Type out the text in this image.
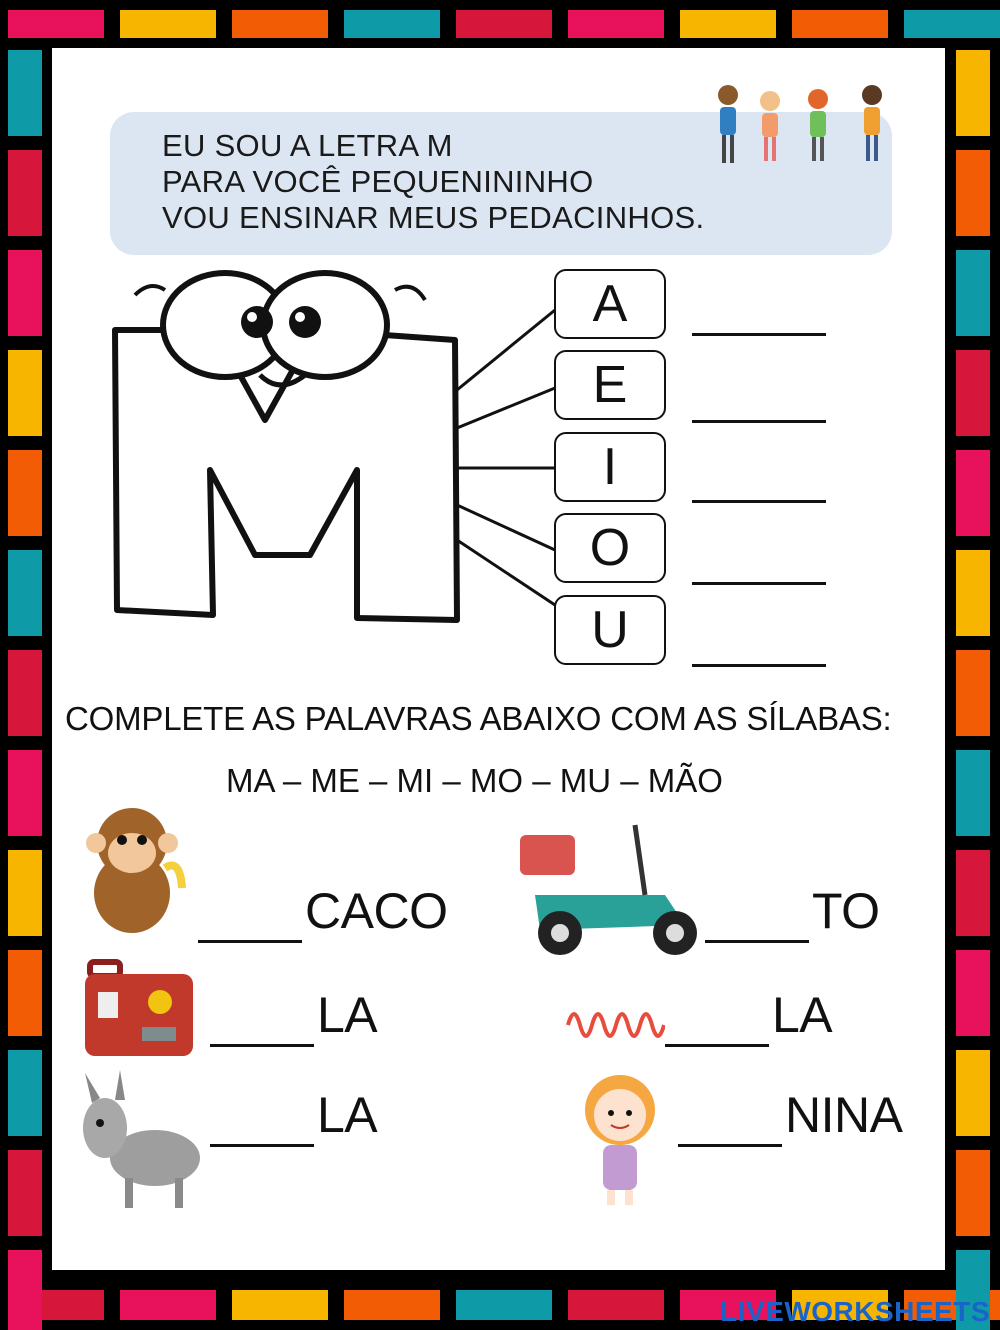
EU SOU A LETRA M
PARA VOCÊ PEQUENININHO
VOU ENSINAR MEUS PEDACINHOS.
A
E
I
O
U
COMPLETE AS PALAVRAS ABAIXO COM AS SÍLABAS:
MA – ME – MI – MO – MU – MÃO
CACO	TO
LA	LA
LA	NINA
LIVEWORKSHEETS
